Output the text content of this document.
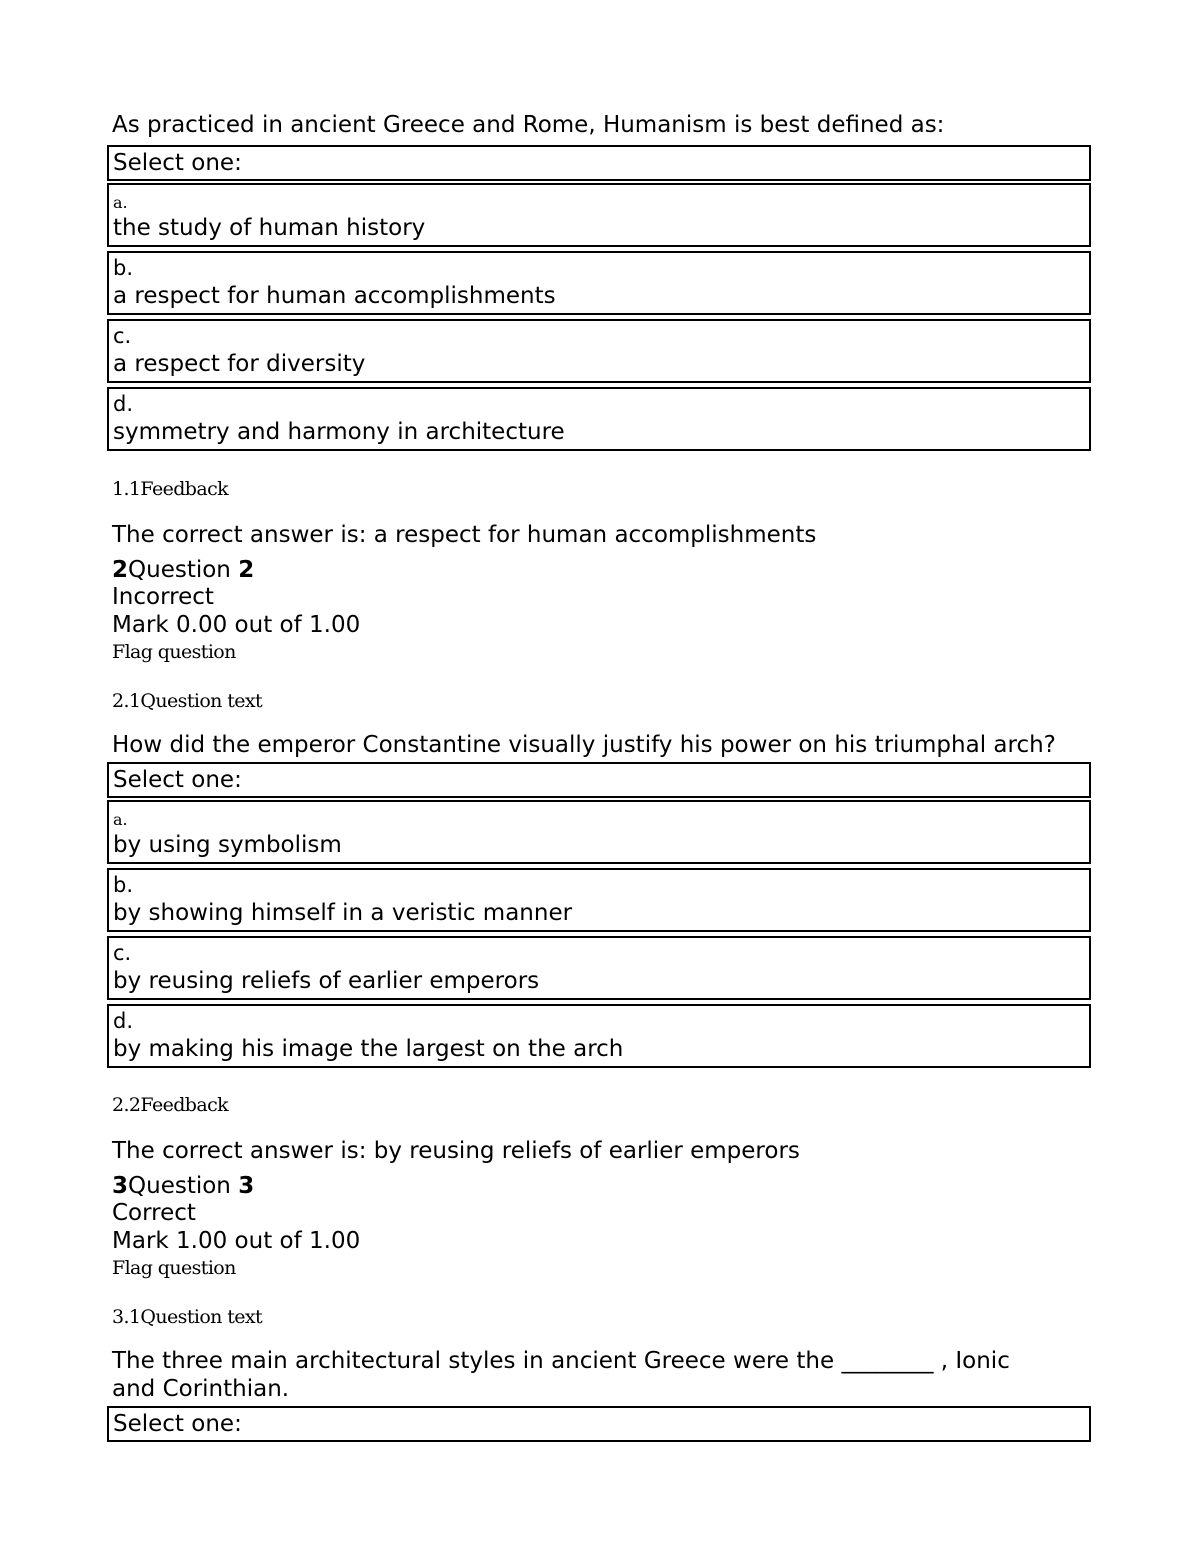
As practiced in ancient Greece and Rome, Humanism is best defined as:
Select one:
a.
the study of human history
b.
a respect for human accomplishments
c.
a respect for diversity
d.
symmetry and harmony in architecture
1.1Feedback
The correct answer is: a respect for human accomplishments
2Question 2
Incorrect
Mark 0.00 out of 1.00
Flag question
2.1Question text
How did the emperor Constantine visually justify his power on his triumphal arch?
Select one:
a.
by using symbolism
b.
by showing himself in a veristic manner
c.
by reusing reliefs of earlier emperors
d.
by making his image the largest on the arch
2.2Feedback
The correct answer is: by reusing reliefs of earlier emperors
3Question 3
Correct
Mark 1.00 out of 1.00
Flag question
3.1Question text
The three main architectural styles in ancient Greece were the ________ , Ionic
and Corinthian.
Select one:
